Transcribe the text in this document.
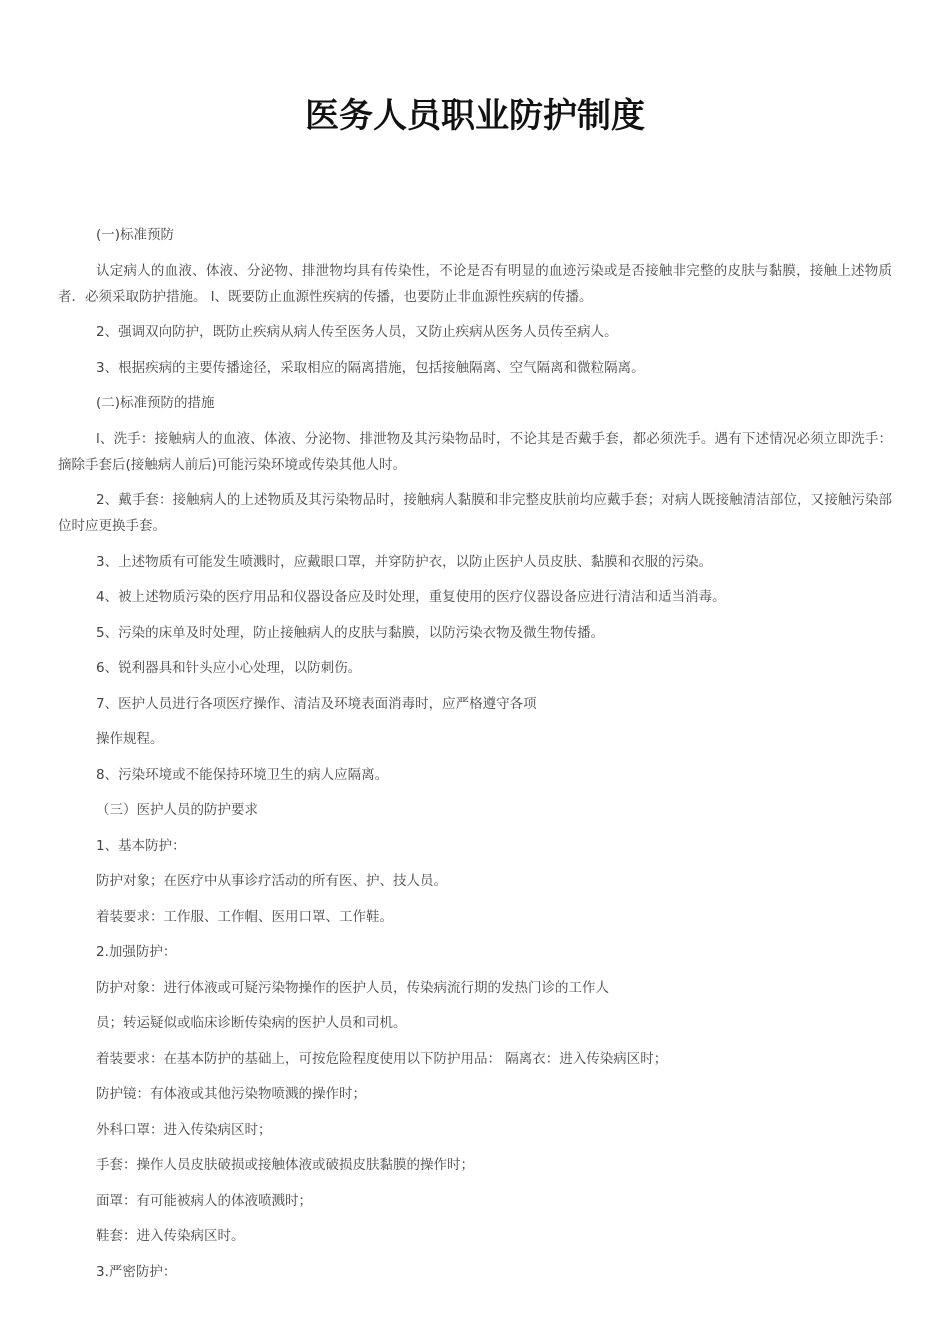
医务人员职业防护制度

(一)标准预防

认定病人的血液、体液、分泌物、排泄物均具有传染性，不论是否有明显的血迹污染或是否接触非完整的皮肤与黏膜，接触上述物质者．必须采取防护措施。 l、既要防止血源性疾病的传播，也要防止非血源性疾病的传播。

2、强调双向防护，既防止疾病从病人传至医务人员，又防止疾病从医务人员传至病人。

3、根据疾病的主要传播途径，采取相应的隔离措施，包括接触隔离、空气隔离和微粒隔离。

(二)标准预防的措施

l、洗手：接触病人的血液、体液、分泌物、排泄物及其污染物品时，不论其是否戴手套，都必须洗手。遇有下述情况必须立即洗手：摘除手套后(接触病人前后)可能污染环境或传染其他人时。

2、戴手套：接触病人的上述物质及其污染物品时，接触病人黏膜和非完整皮肤前均应戴手套；对病人既接触清洁部位，又接触污染部位时应更换手套。

3、上述物质有可能发生喷溅时，应戴眼口罩，并穿防护衣，以防止医护人员皮肤、黏膜和衣服的污染。

4、被上述物质污染的医疗用品和仪器设备应及时处理，重复使用的医疗仪器设备应进行清洁和适当消毒。

5、污染的床单及时处理，防止接触病人的皮肤与黏膜，以防污染衣物及微生物传播。

6、锐利器具和针头应小心处理，以防刺伤。

7、医护人员进行各项医疗操作、清洁及环境表面消毒时，应严格遵守各项

操作规程。

8、污染环境或不能保持环境卫生的病人应隔离。

（三）医护人员的防护要求

1、基本防护：

防护对象；在医疗中从事诊疗活动的所有医、护、技人员。

着装要求：工作服、工作帽、医用口罩、工作鞋。

2.加强防护：

防护对象：进行体液或可疑污染物操作的医护人员，传染病流行期的发热门诊的工作人

员；转运疑似或临床诊断传染病的医护人员和司机。

着装要求：在基本防护的基础上，可按危险程度使用以下防护用品： 隔离衣：进入传染病区时；

防护镜：有体液或其他污染物喷溅的操作时；

外科口罩：进入传染病区时；

手套：操作人员皮肤破损或接触体液或破损皮肤黏膜的操作时；

面罩：有可能被病人的体液喷溅时；

鞋套：进入传染病区时。

3.严密防护：
